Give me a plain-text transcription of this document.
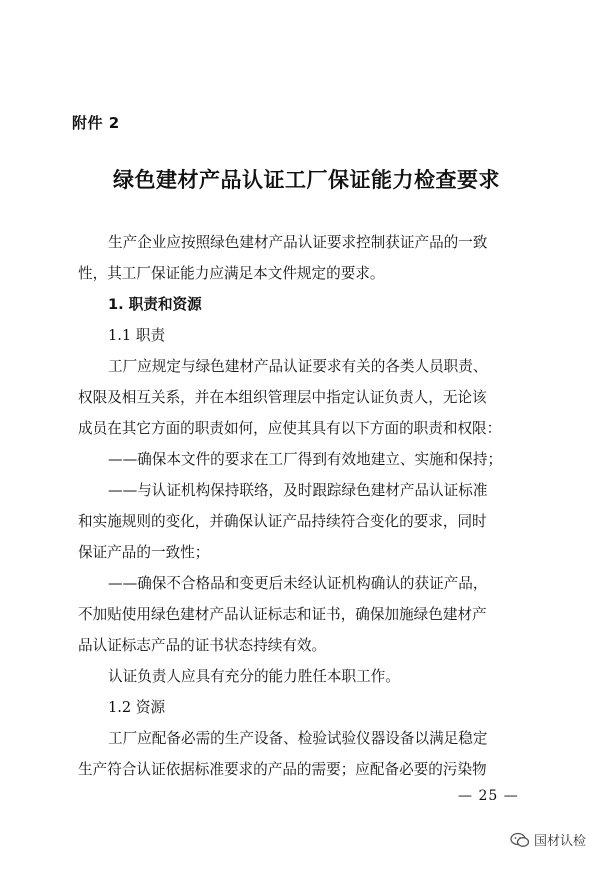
附件 2
绿色建材产品认证工厂保证能力检查要求
生产企业应按照绿色建材产品认证要求控制获证产品的一致
性，其工厂保证能力应满足本文件规定的要求。
1. 职责和资源
1.1 职责
工厂应规定与绿色建材产品认证要求有关的各类人员职责、
权限及相互关系，并在本组织管理层中指定认证负责人，无论该
成员在其它方面的职责如何，应使其具有以下方面的职责和权限：
——确保本文件的要求在工厂得到有效地建立、实施和保持；
——与认证机构保持联络，及时跟踪绿色建材产品认证标准
和实施规则的变化，并确保认证产品持续符合变化的要求，同时
保证产品的一致性；
——确保不合格品和变更后未经认证机构确认的获证产品，
不加贴使用绿色建材产品认证标志和证书，确保加施绿色建材产
品认证标志产品的证书状态持续有效。
认证负责人应具有充分的能力胜任本职工作。
1.2 资源
工厂应配备必需的生产设备、检验试验仪器设备以满足稳定
生产符合认证依据标准要求的产品的需要；应配备必要的污染物
— 25 —
国材认检
